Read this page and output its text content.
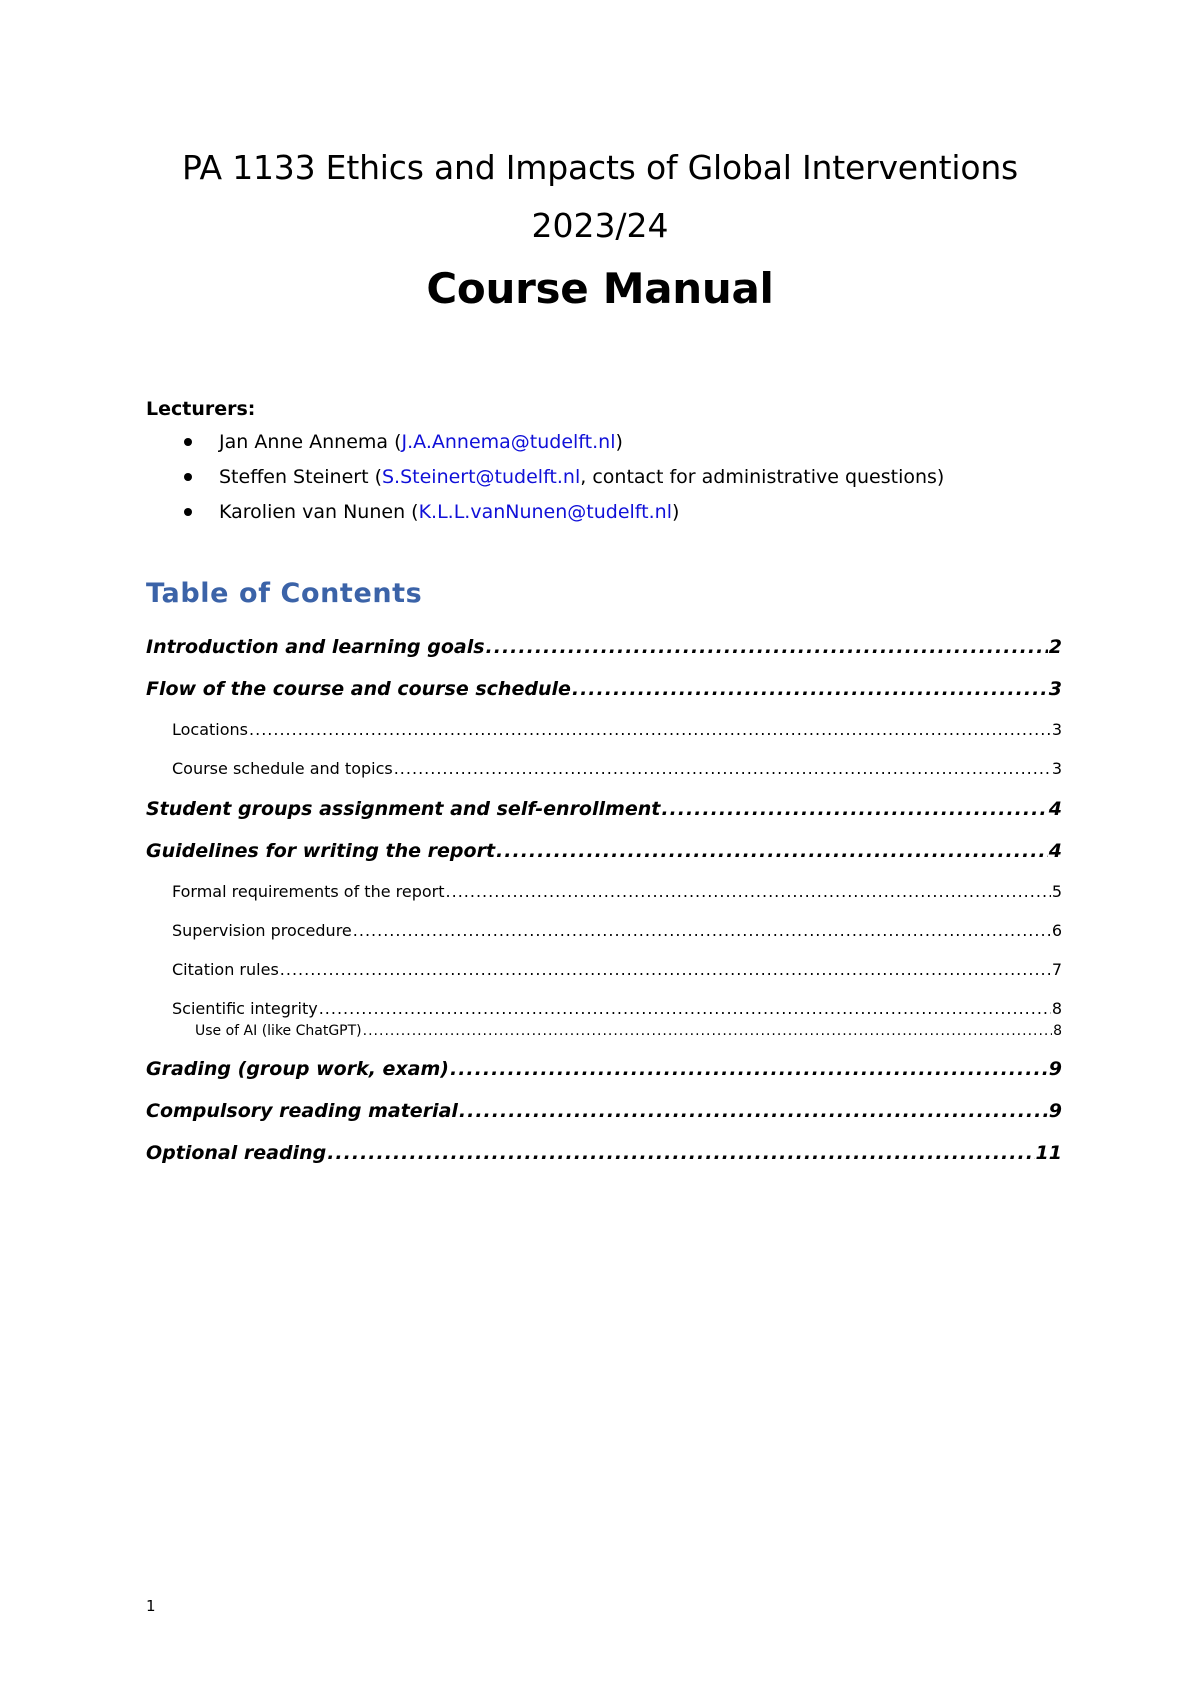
PA 1133 Ethics and Impacts of Global Interventions
2023/24
Course Manual
Lecturers:
Jan Anne Annema (J.A.Annema@tudelft.nl)
Steffen Steinert (S.Steinert@tudelft.nl, contact for administrative questions)
Karolien van Nunen (K.L.L.vanNunen@tudelft.nl)
Table of Contents
Introduction and learning goals .....	2
Flow of the course and course schedule .....	3
Locations .....	3
Course schedule and topics .....	3
Student groups assignment and self-enrollment .....	4
Guidelines for writing the report .....	4
Formal requirements of the report .....	5
Supervision procedure .....	6
Citation rules .....	7
Scientific integrity .....	8
Use of AI (like ChatGPT) .....	8
Grading (group work, exam) .....	9
Compulsory reading material .....	9
Optional reading .....	11
1
